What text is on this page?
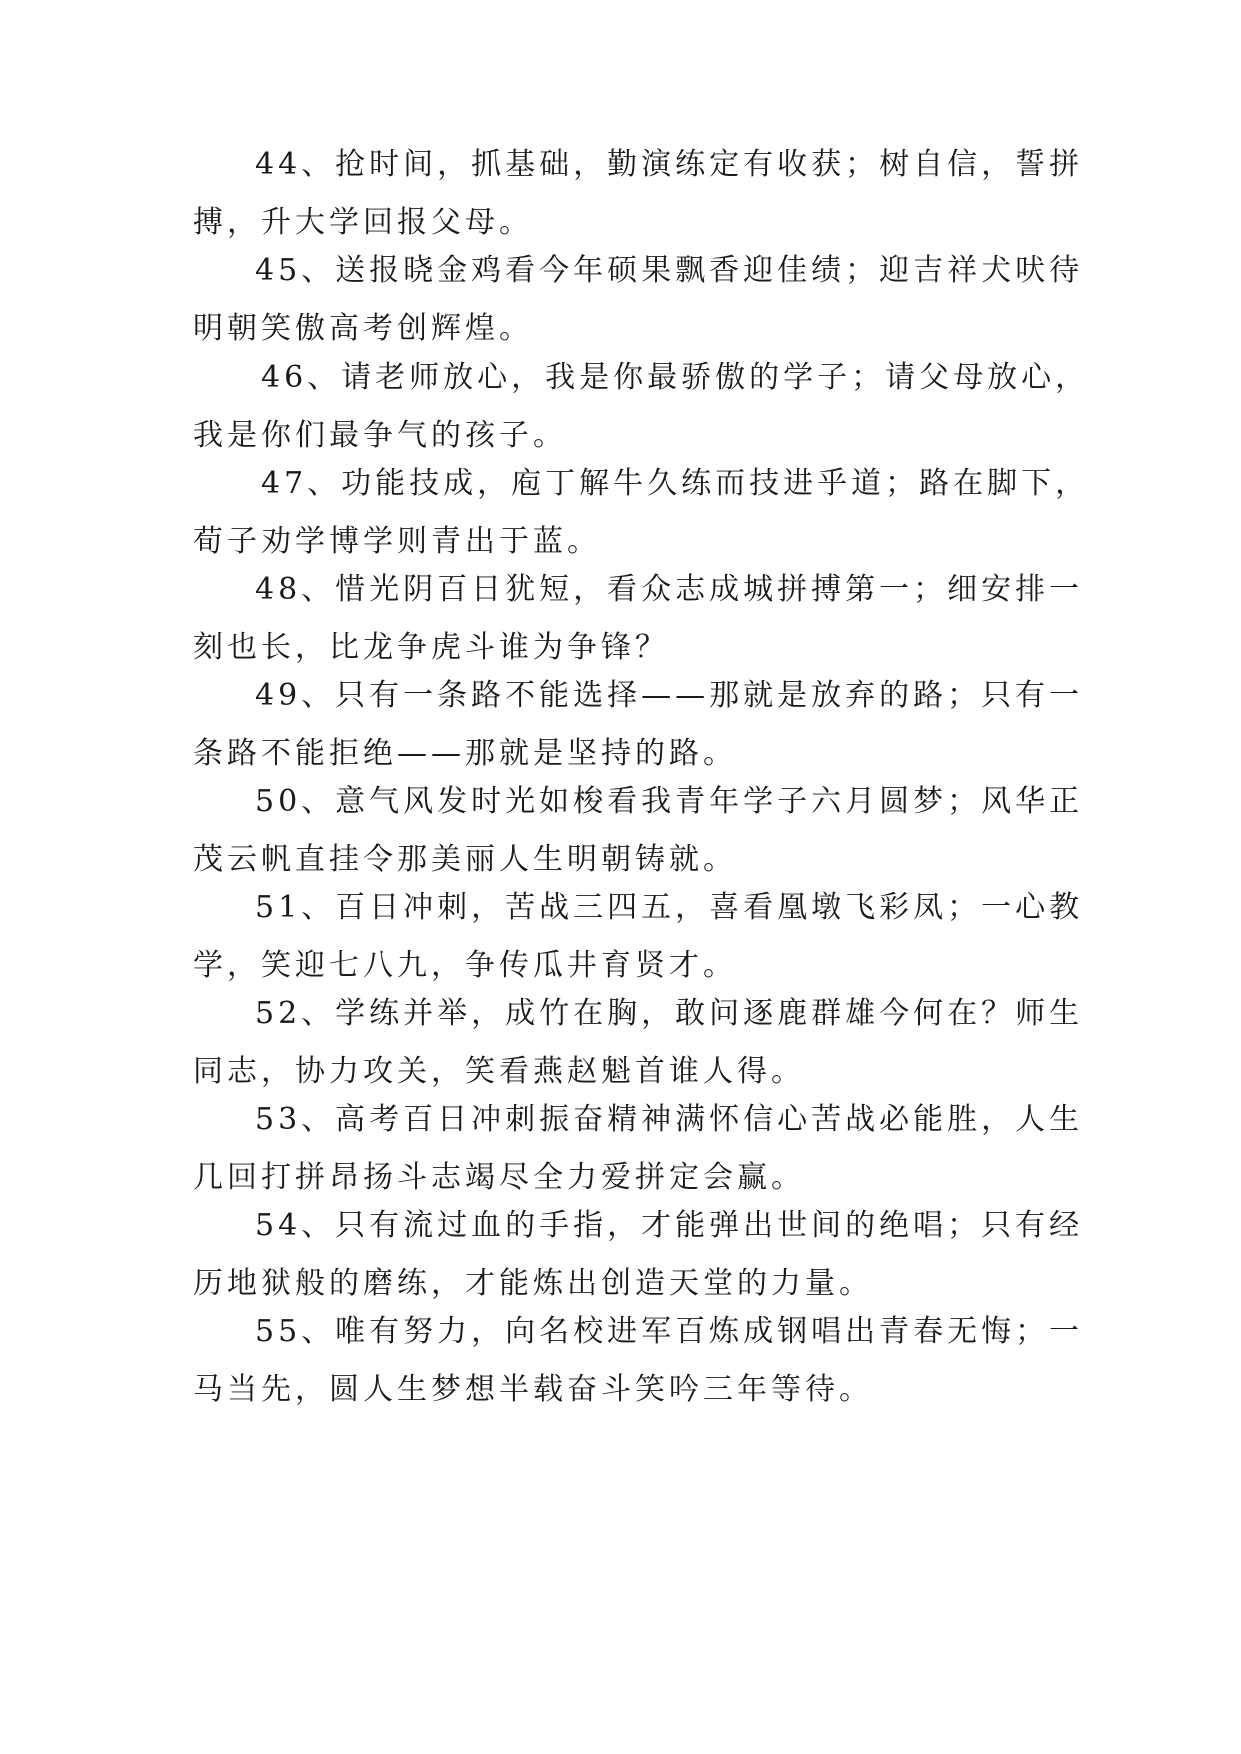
44、抢时间，抓基础，勤演练定有收获；树自信，誓拼
搏，升大学回报父母。

45、送报晓金鸡看今年硕果飘香迎佳绩；迎吉祥犬吠待
明朝笑傲高考创辉煌。

46、请老师放心，我是你最骄傲的学子；请父母放心，
我是你们最争气的孩子。

47、功能技成，庖丁解牛久练而技进乎道；路在脚下，
荀子劝学博学则青出于蓝。

48、惜光阴百日犹短，看众志成城拼搏第一；细安排一
刻也长，比龙争虎斗谁为争锋？

49、只有一条路不能选择——那就是放弃的路；只有一
条路不能拒绝——那就是坚持的路。

50、意气风发时光如梭看我青年学子六月圆梦；风华正
茂云帆直挂令那美丽人生明朝铸就。

51、百日冲刺，苦战三四五，喜看凰墩飞彩凤；一心教
学，笑迎七八九，争传瓜井育贤才。

52、学练并举，成竹在胸，敢问逐鹿群雄今何在？师生
同志，协力攻关，笑看燕赵魁首谁人得。

53、高考百日冲刺振奋精神满怀信心苦战必能胜，人生
几回打拼昂扬斗志竭尽全力爱拼定会赢。

54、只有流过血的手指，才能弹出世间的绝唱；只有经
历地狱般的磨练，才能炼出创造天堂的力量。

55、唯有努力，向名校进军百炼成钢唱出青春无悔；一
马当先，圆人生梦想半载奋斗笑吟三年等待。
